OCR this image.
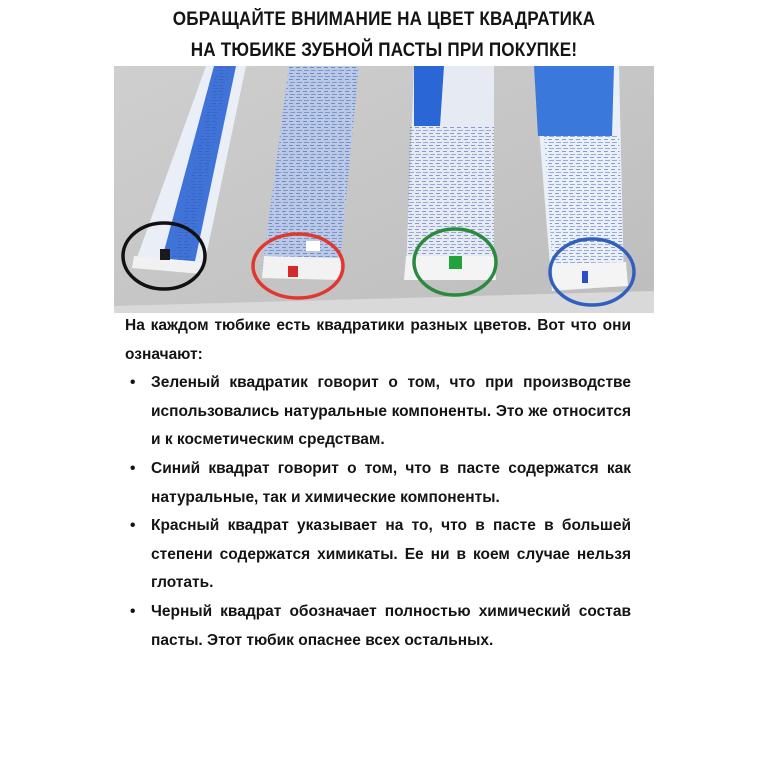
ОБРАЩАЙТЕ ВНИМАНИЕ НА ЦВЕТ КВАДРАТИКА
НА ТЮБИКЕ ЗУБНОЙ ПАСТЫ ПРИ ПОКУПКЕ!
На каждом тюбике есть квадратики разных цветов. Вот что они означают:
• Зеленый квадратик говорит о том, что при производстве использовались натуральные компоненты. Это же относится и к косметическим средствам.
• Синий квадрат говорит о том, что в пасте содержатся как натуральные, так и химические компоненты.
• Красный квадрат указывает на то, что в пасте в большей степени содержатся химикаты. Ее ни в коем случае нельзя глотать.
• Черный квадрат обозначает полностью химический состав пасты. Этот тюбик опаснее всех остальных.
